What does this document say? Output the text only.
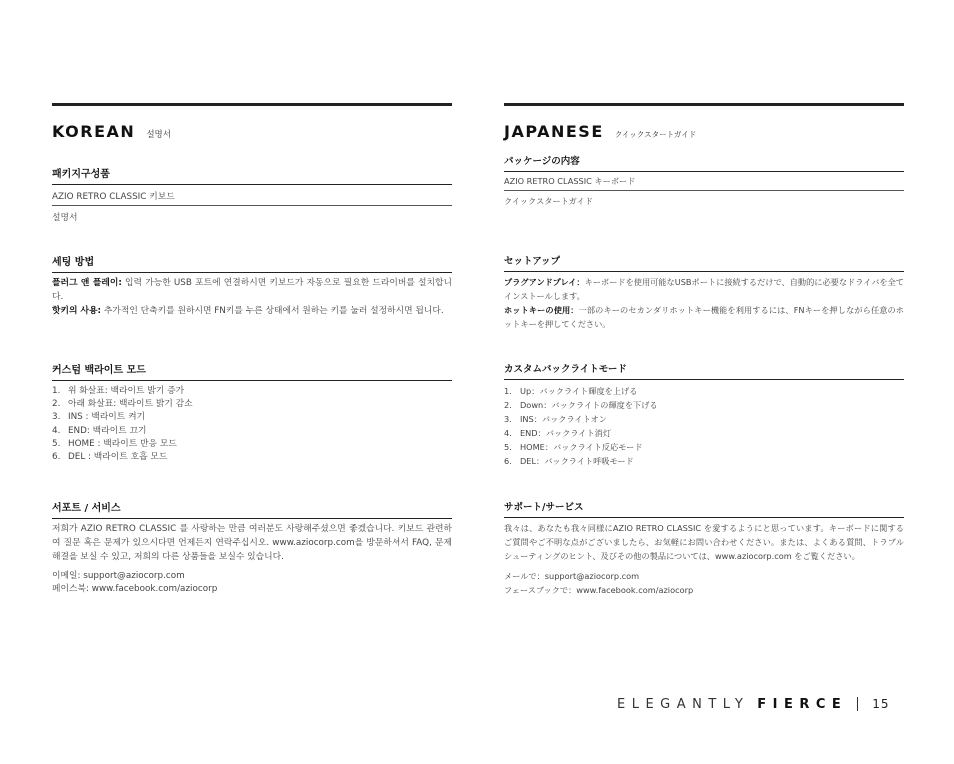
KOREAN 설명서
패키지구성품
AZIO RETRO CLASSIC 키보드
설명서
세팅 방법
플러그 앤 플레이: 입력 가능한 USB 포트에 연결하시면 키보드가 자동으로 필요한 드라이버를 설치합니다.
핫키의 사용: 추가적인 단축키를 원하시면 FN키를 누른 상태에서 원하는 키를 눌러 설정하시면 됩니다.
커스텀 백라이트 모드
1. 위 화살표: 백라이트 밝기 증가
2. 아래 화살표: 백라이트 밝기 감소
3. INS : 백라이트 켜기
4. END: 백라이트 끄기
5. HOME : 백라이트 반응 모드
6. DEL : 백라이트 호흡 모드
서포트 / 서비스
저희가 AZIO RETRO CLASSIC 를 사랑하는 만큼 여러분도 사랑해주셨으면 좋겠습니다. 키보드 관련하여 질문 혹은 문제가 있으시다면 언제든지 연락주십시오. www.aziocorp.com을 방문하셔서 FAQ, 문제해결을 보실 수 있고, 저희의 다른 상품들을 보실수 있습니다.
이메일: support@aziocorp.com
페이스북: www.facebook.com/aziocorp
JAPANESE クイックスタートガイド
パッケージの内容
AZIO RETRO CLASSIC キーボード
クイックスタートガイド
セットアップ
プラグアンドプレイ：キーボードを使用可能なUSBポートに接続するだけで、自動的に必要なドライバを全てインストールします。
ホットキーの使用：一部のキーのセカンダリホットキー機能を利用するには、FNキーを押しながら任意のホットキーを押してください。
カスタムバックライトモード
1. Up：バックライト輝度を上げる
2. Down：バックライトの輝度を下げる
3. INS：バックライトオン
4. END：バックライト消灯
5. HOME：バックライト反応モード
6. DEL：バックライト呼吸モード
サポート/サービス
我々は、あなたも我々同様にAZIO RETRO CLASSIC を愛するようにと思っています。キーボードに関するご質問やご不明な点がございましたら、お気軽にお問い合わせください。または、よくある質問、トラブルシューティングのヒント、及びその他の製品については、www.aziocorp.com をご覧ください。
メールで：support@aziocorp.com
フェースブックで：www.facebook.com/aziocorp
ELEGANTLY FIERCE 15
